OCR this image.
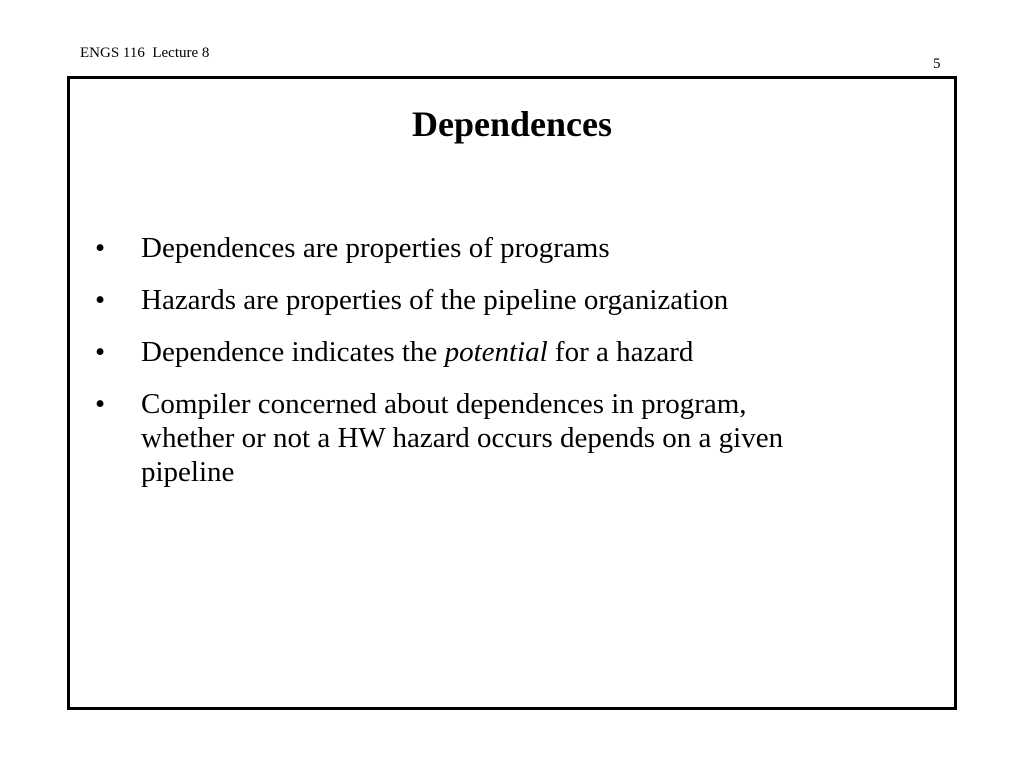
ENGS 116  Lecture 8
5
Dependences
•	Dependences are properties of programs
•	Hazards are properties of the pipeline organization
•	Dependence indicates the potential for a hazard
•	Compiler concerned about dependences in program,
whether or not a HW hazard occurs depends on a given
pipeline
